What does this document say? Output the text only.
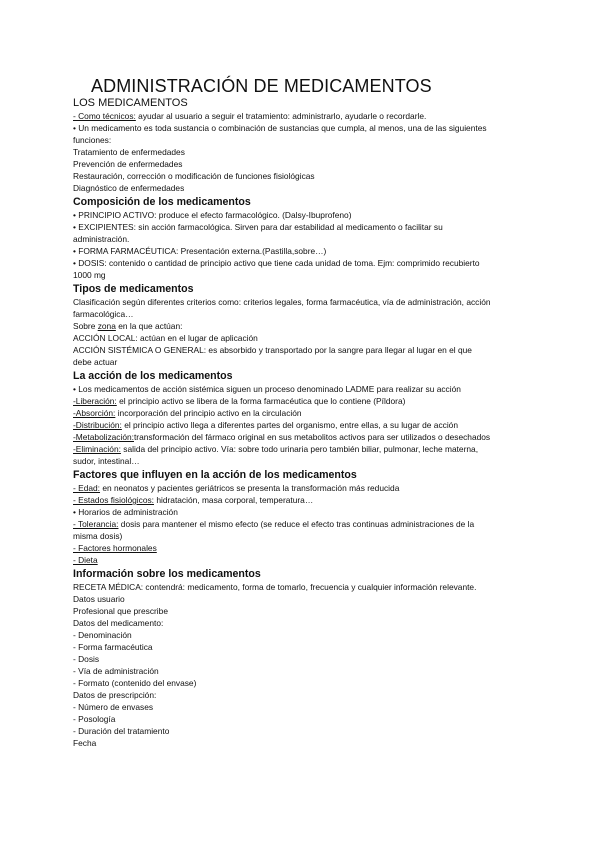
ADMINISTRACIÓN DE MEDICAMENTOS
LOS MEDICAMENTOS
- Como técnicos: ayudar al usuario a seguir el tratamiento: administrarlo, ayudarle o recordarle.
• Un medicamento es toda sustancia o combinación de sustancias que cumpla, al menos, una de las siguientes
funciones:
Tratamiento de enfermedades
Prevención de enfermedades
Restauración, corrección o modificación de funciones fisiológicas
Diagnóstico de enfermedades
Composición de los medicamentos
• PRINCIPIO ACTIVO: produce el efecto farmacológico. (Dalsy-Ibuprofeno)
• EXCIPIENTES: sin acción farmacológica. Sirven para dar estabilidad al medicamento o facilitar su
administración.
• FORMA FARMACÉUTICA: Presentación externa.(Pastilla,sobre…)
• DOSIS: contenido o cantidad de principio activo que tiene cada unidad de toma. Ejm: comprimido recubierto
1000 mg
Tipos de medicamentos
Clasificación según diferentes criterios como: criterios legales, forma farmacéutica, vía de administración, acción
farmacológica…
Sobre zona en la que actúan:
ACCIÓN LOCAL: actúan en el lugar de aplicación
ACCIÓN SISTÉMICA O GENERAL: es absorbido y transportado por la sangre para llegar al lugar en el que
debe actuar
La acción de los medicamentos
• Los medicamentos de acción sistémica siguen un proceso denominado LADME para realizar su acción
-Liberación: el principio activo se libera de la forma farmacéutica que lo contiene (Píldora)
-Absorción: incorporación del principio activo en la circulación
-Distribución: el principio activo llega a diferentes partes del organismo, entre ellas, a su lugar de acción
-Metabolización:transformación del fármaco original en sus metabolitos activos para ser utilizados o desechados
-Eliminación: salida del principio activo. Vía: sobre todo urinaria pero también biliar, pulmonar, leche materna,
sudor, intestinal…
Factores que influyen en la acción de los medicamentos
- Edad: en neonatos y pacientes geriátricos se presenta la transformación más reducida
- Estados fisiológicos: hidratación, masa corporal, temperatura…
• Horarios de administración
- Tolerancia: dosis para mantener el mismo efecto (se reduce el efecto tras continuas administraciones de la
misma dosis)
- Factores hormonales
- Dieta
Información sobre los medicamentos
RECETA MÉDICA: contendrá: medicamento, forma de tomarlo, frecuencia y cualquier información relevante.
Datos usuario
Profesional que prescribe
Datos del medicamento:
- Denominación
- Forma farmacéutica
- Dosis
- Vía de administración
- Formato (contenido del envase)
Datos de prescripción:
- Número de envases
- Posología
- Duración del tratamiento
Fecha
